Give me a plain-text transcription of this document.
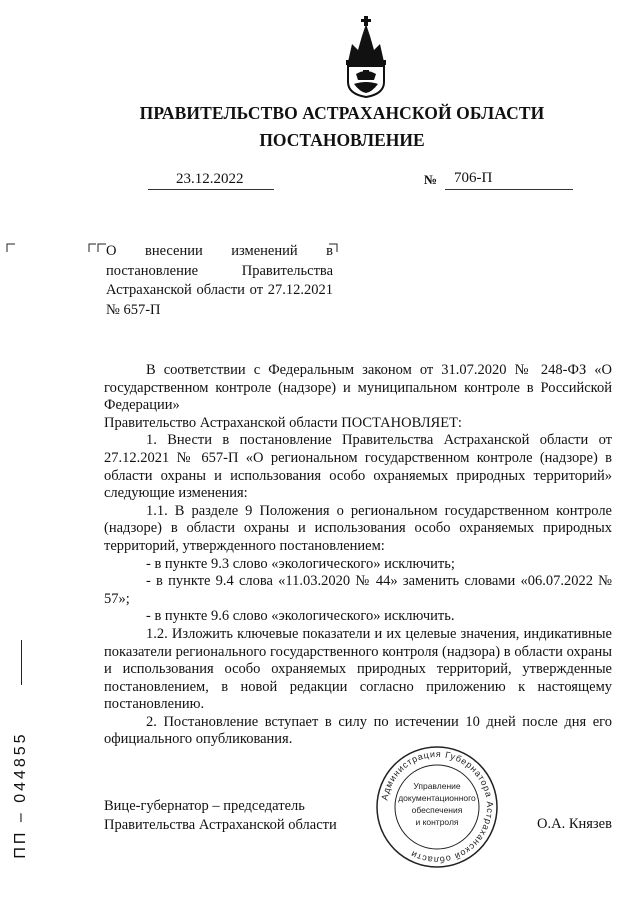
ПРАВИТЕЛЬСТВО АСТРАХАНСКОЙ ОБЛАСТИ
ПОСТАНОВЛЕНИЕ
23.12.2022	№ 706-П

О внесении изменений в постановление Правительства Астраханской области от 27.12.2021 № 657-П

В соответствии с Федеральным законом от 31.07.2020 № 248-ФЗ «О государственном контроле (надзоре) и муниципальном контроле в Российской Федерации»

Правительство Астраханской области ПОСТАНОВЛЯЕТ:

1. Внести в постановление Правительства Астраханской области от 27.12.2021 № 657-П «О региональном государственном контроле (надзоре) в области охраны и использования особо охраняемых природных территорий» следующие изменения:

1.1. В разделе 9 Положения о региональном государственном контроле (надзоре) в области охраны и использования особо охраняемых природных территорий, утвержденного постановлением:

- в пункте 9.3 слово «экологического» исключить;

- в пункте 9.4 слова «11.03.2020 № 44» заменить словами «06.07.2022 № 57»;

- в пункте 9.6 слово «экологического» исключить.

1.2. Изложить ключевые показатели и их целевые значения, индикативные показатели регионального государственного контроля (надзора) в области охраны и использования особо охраняемых природных территорий, утвержденные постановлением, в новой редакции согласно приложению к настоящему постановлению.

2. Постановление вступает в силу по истечении 10 дней после дня его официального опубликования.

Вице-губернатор – председатель
Правительства Астраханской области	О.А. Князев
Администрация Губернатора Астраханской области
Управление
документационного
обеспечения
и контроля
ПП – 044855
